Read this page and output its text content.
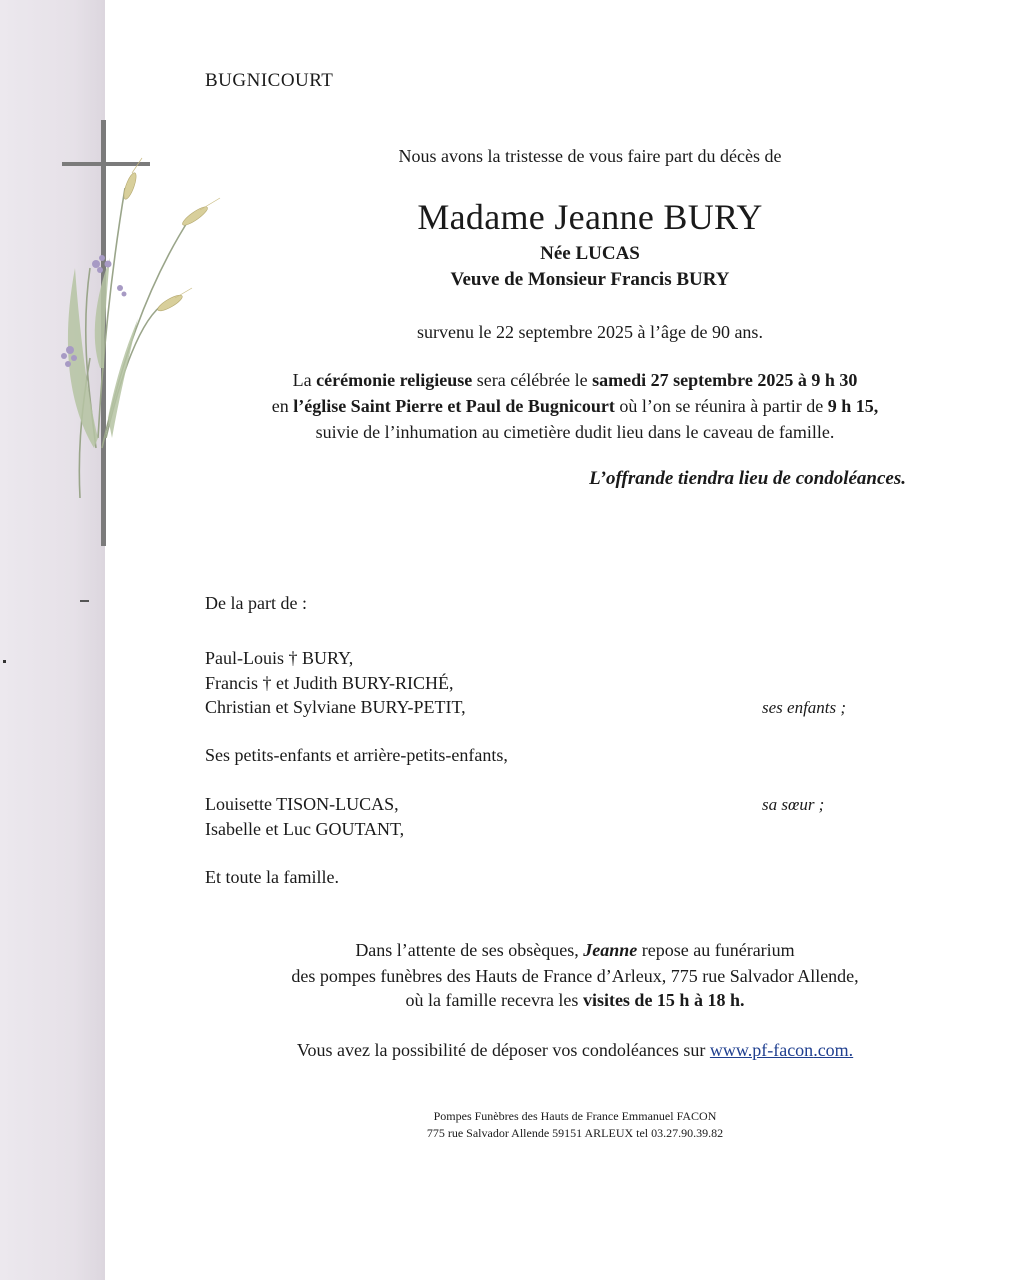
BUGNICOURT
Nous avons la tristesse de vous faire part du décès de
Madame Jeanne BURY
Née LUCAS
Veuve de Monsieur Francis BURY
survenu le 22 septembre 2025 à l’âge de 90 ans.
La cérémonie religieuse sera célébrée le samedi 27 septembre 2025 à 9 h 30
en l’église Saint Pierre et Paul de Bugnicourt où l’on se réunira à partir de 9 h 15,
suivie de l’inhumation au cimetière dudit lieu dans le caveau de famille.
L’offrande tiendra lieu de condoléances.
De la part de :
Paul-Louis † BURY,
Francis † et Judith BURY-RICHÉ,
Christian et Sylviane BURY-PETIT,	ses enfants ;
Ses petits-enfants et arrière-petits-enfants,
Louisette TISON-LUCAS,	sa sœur ;
Isabelle et Luc GOUTANT,
Et toute la famille.
Dans l’attente de ses obsèques, Jeanne repose au funérarium
des pompes funèbres des Hauts de France d’Arleux, 775 rue Salvador Allende,
où la famille recevra les visites de 15 h à 18 h.
Vous avez la possibilité de déposer vos condoléances sur www.pf-facon.com.
Pompes Funèbres des Hauts de France Emmanuel FACON
775 rue Salvador Allende 59151 ARLEUX tel 03.27.90.39.82
